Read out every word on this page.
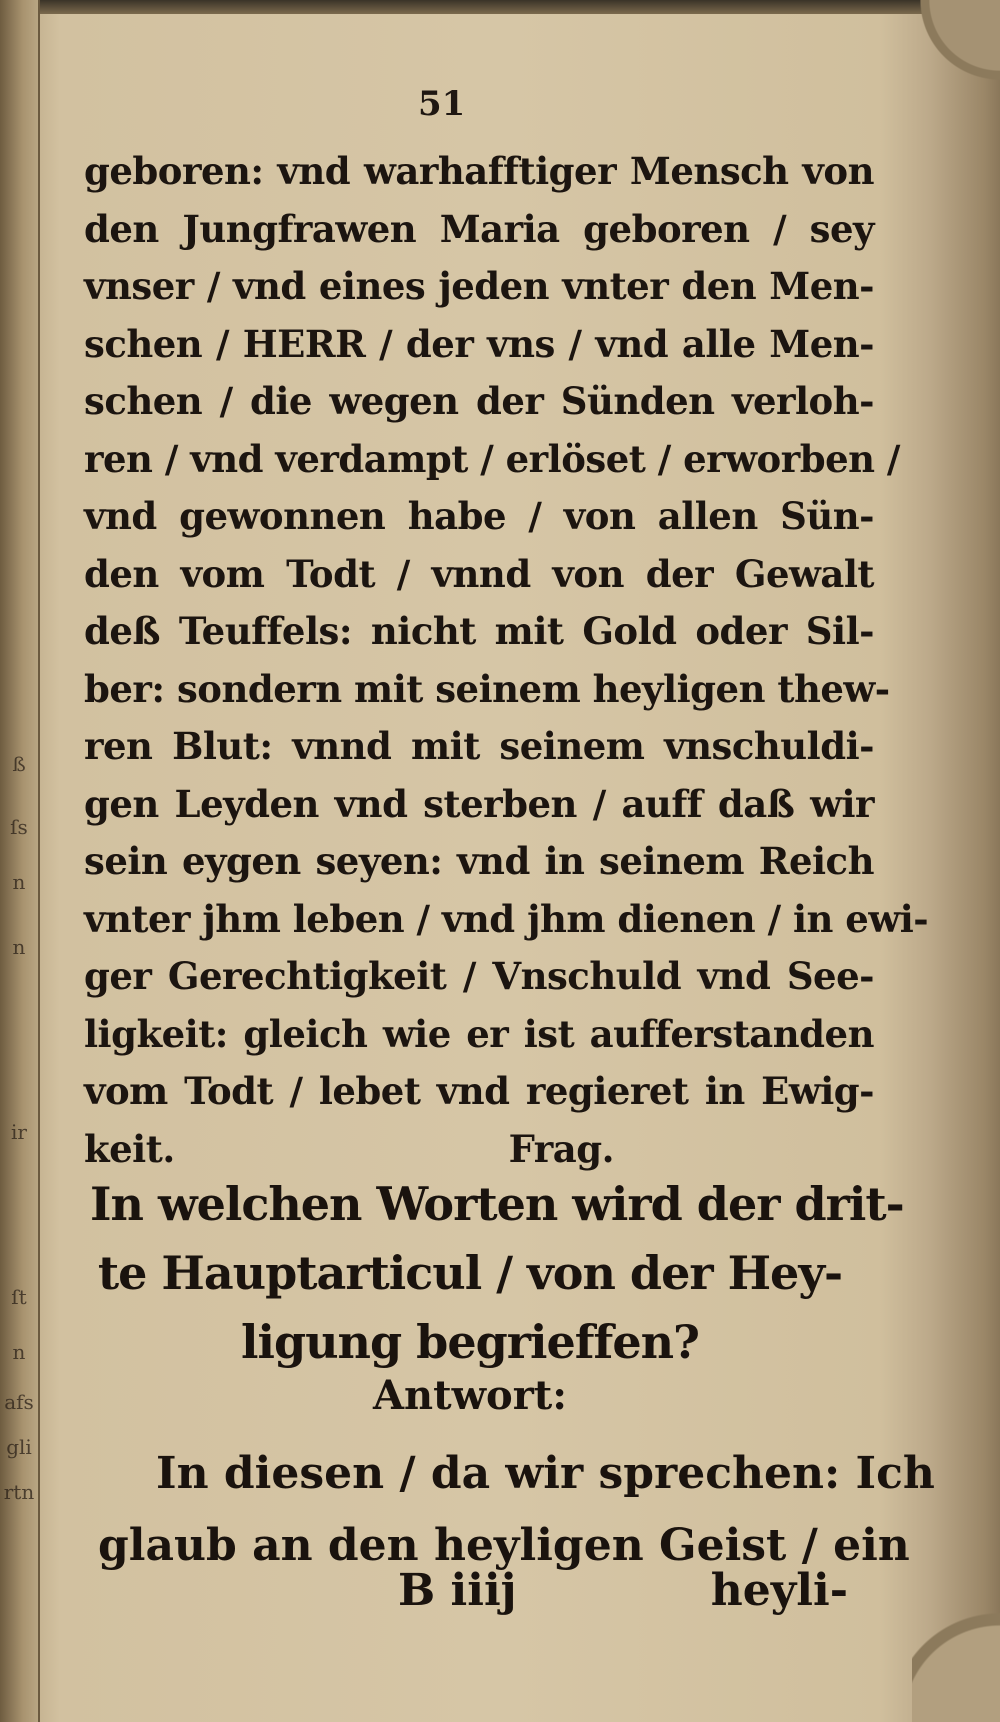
ß
ſs
n
n
ir
ſt
n
afs
gli
rtn
51
geboren: vnd warhafftiger Mensch von
den Jungfrawen Maria geboren / sey
vnser / vnd eines jeden vnter den Men-
schen / HERR / der vns / vnd alle Men-
schen / die wegen der Sünden verloh-
ren / vnd verdampt / erlöset / erworben /
vnd gewonnen habe / von allen Sün-
den vom Todt / vnnd von der Gewalt
deß Teuffels: nicht mit Gold oder Sil-
ber: sondern mit seinem heyligen thew-
ren Blut: vnnd mit seinem vnschuldi-
gen Leyden vnd sterben / auff daß wir
sein eygen seyen: vnd in seinem Reich
vnter jhm leben / vnd jhm dienen / in ewi-
ger Gerechtigkeit / Vnschuld vnd See-
ligkeit: gleich wie er ist aufferstanden
vom Todt / lebet vnd regieret in Ewig-
keit.	Frag.
In welchen Worten wird der drit-
te Hauptarticul / von der Hey-
ligung begrieffen?
Antwort:
In diesen / da wir sprechen: Ich
glaub an den heyligen Geist / ein
B iiij	heyli-
